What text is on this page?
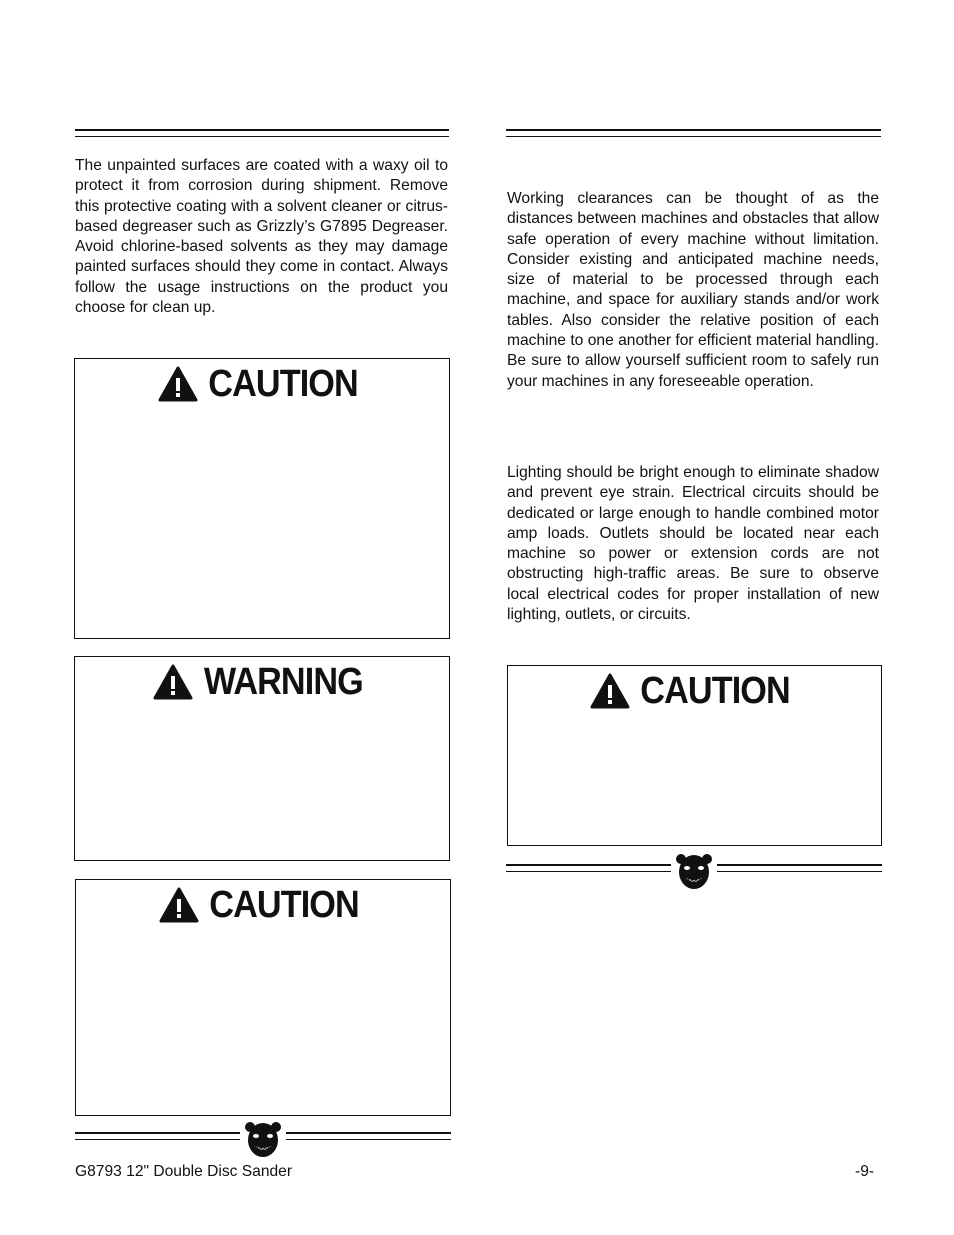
The unpainted surfaces are coated with a waxy oil to protect it from corrosion during shipment. Remove this protective coating with a solvent cleaner or citrus-based degreaser such as Grizzly’s G7895 Degreaser. Avoid chlorine-based solvents as they may damage painted surfaces should they come in contact. Always follow the usage instructions on the product you choose for clean up.

CAUTION
WARNING
CAUTION

Working clearances can be thought of as the distances between machines and obstacles that allow safe operation of every machine without limitation. Consider existing and anticipated machine needs, size of material to be processed through each machine, and space for auxiliary stands and/or work tables. Also consider the relative position of each machine to one another for efficient material handling. Be sure to allow yourself sufficient room to safely run your machines in any foreseeable operation.

Lighting should be bright enough to eliminate shadow and prevent eye strain. Electrical circuits should be dedicated or large enough to handle combined motor amp loads. Outlets should be located near each machine so power or extension cords are not obstructing high-traffic areas. Be sure to observe local electrical codes for proper installation of new lighting, outlets, or circuits.

CAUTION
G8793 12" Double Disc Sander	-9-
